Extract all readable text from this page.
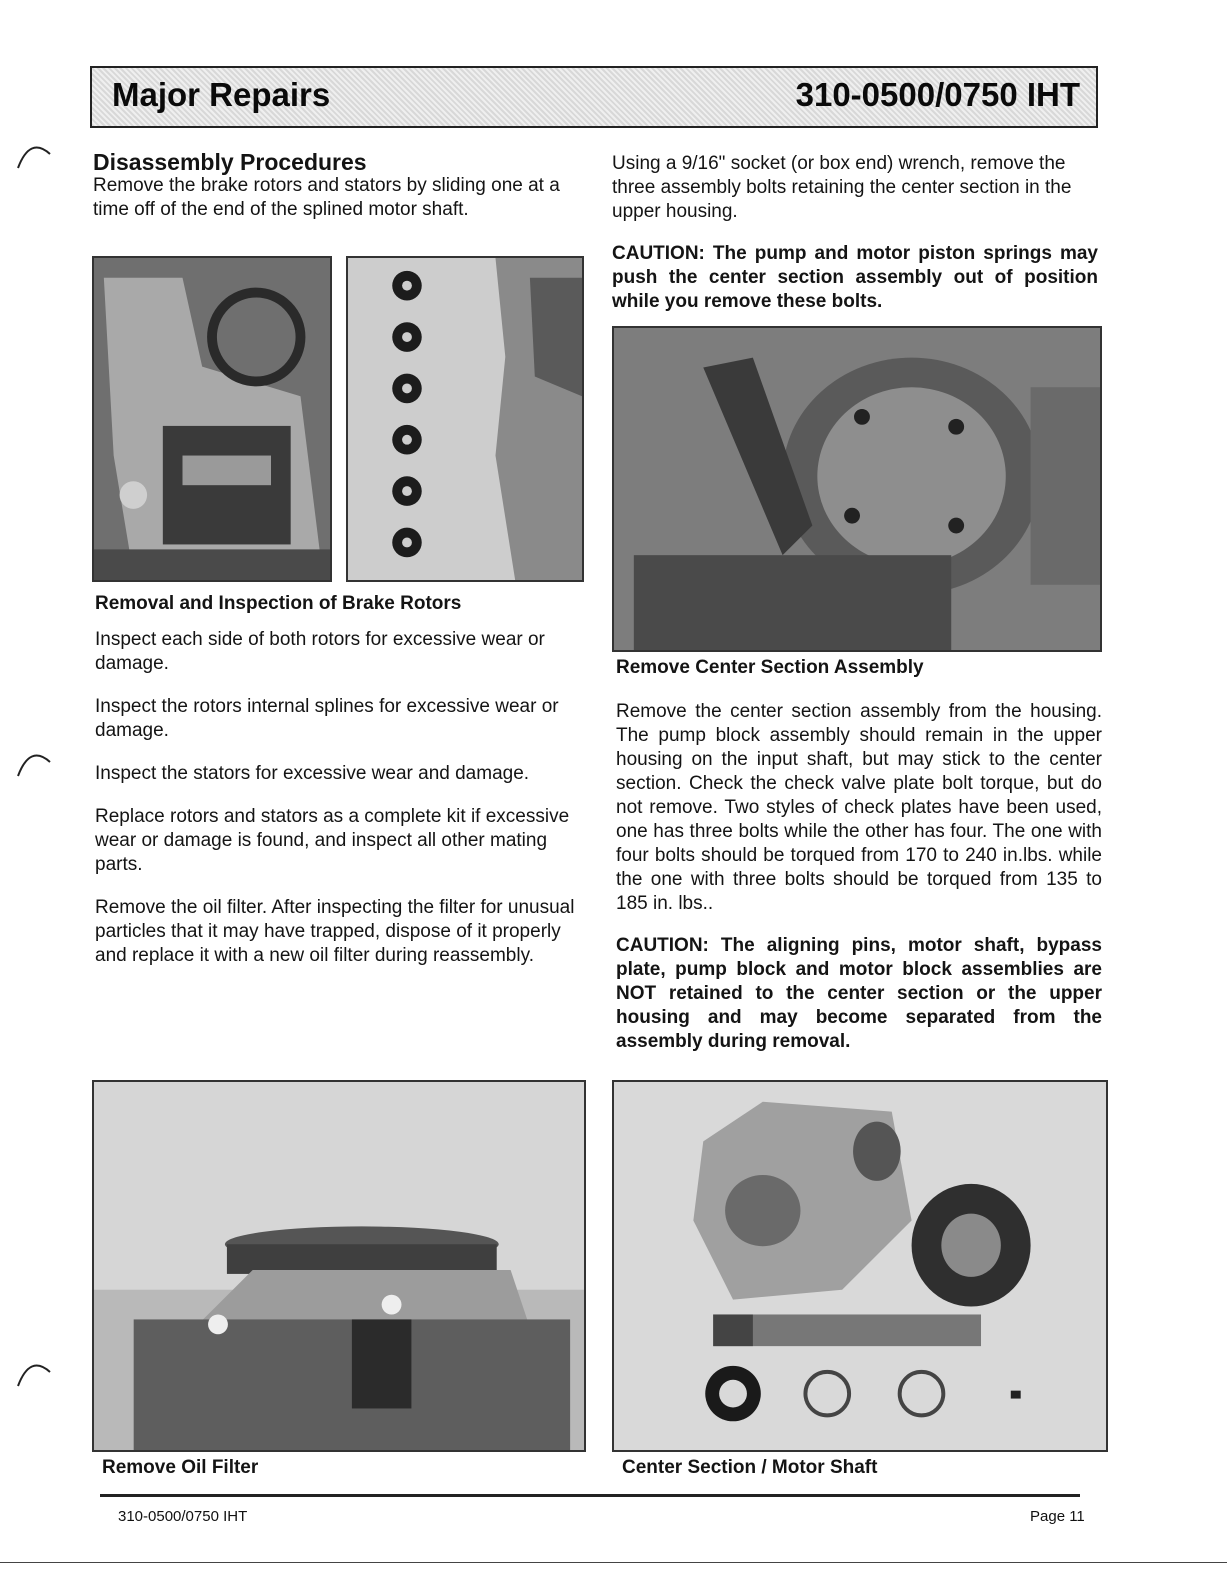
Major Repairs	310-0500/0750 IHT

Disassembly Procedures

Remove the brake rotors and stators by sliding one at a time off of the end of the splined motor shaft.

Removal and Inspection of Brake Rotors

Inspect each side of both rotors for excessive wear or damage.

Inspect the rotors internal splines for excessive wear or damage.

Inspect the stators for excessive wear and damage.

Replace rotors and stators as a complete kit if excessive wear or damage is found, and inspect all other mating parts.

Remove the oil filter. After inspecting the filter for unusual particles that it may have trapped, dispose of it properly and replace it with a new oil filter during reassembly.

Remove Oil Filter

Using a 9/16" socket (or box end) wrench, remove the three assembly bolts retaining the center section in the upper housing.

CAUTION: The pump and motor piston springs may push the center section assembly out of position while you remove these bolts.

Remove Center Section Assembly

Remove the center section assembly from the housing. The pump block assembly should remain in the upper housing on the input shaft, but may stick to the center section. Check the check valve plate bolt torque, but do not remove. Two styles of check plates have been used, one has three bolts while the other has four. The one with four bolts should be torqued from 170 to 240 in.lbs. while the one with three bolts should be torqued from 135 to 185 in. lbs..

CAUTION: The aligning pins, motor shaft, bypass plate, pump block and motor block assemblies are NOT retained to the center section or the upper housing and may become separated from the assembly during removal.

Center Section / Motor Shaft
310-0500/0750 IHT	Page 11
